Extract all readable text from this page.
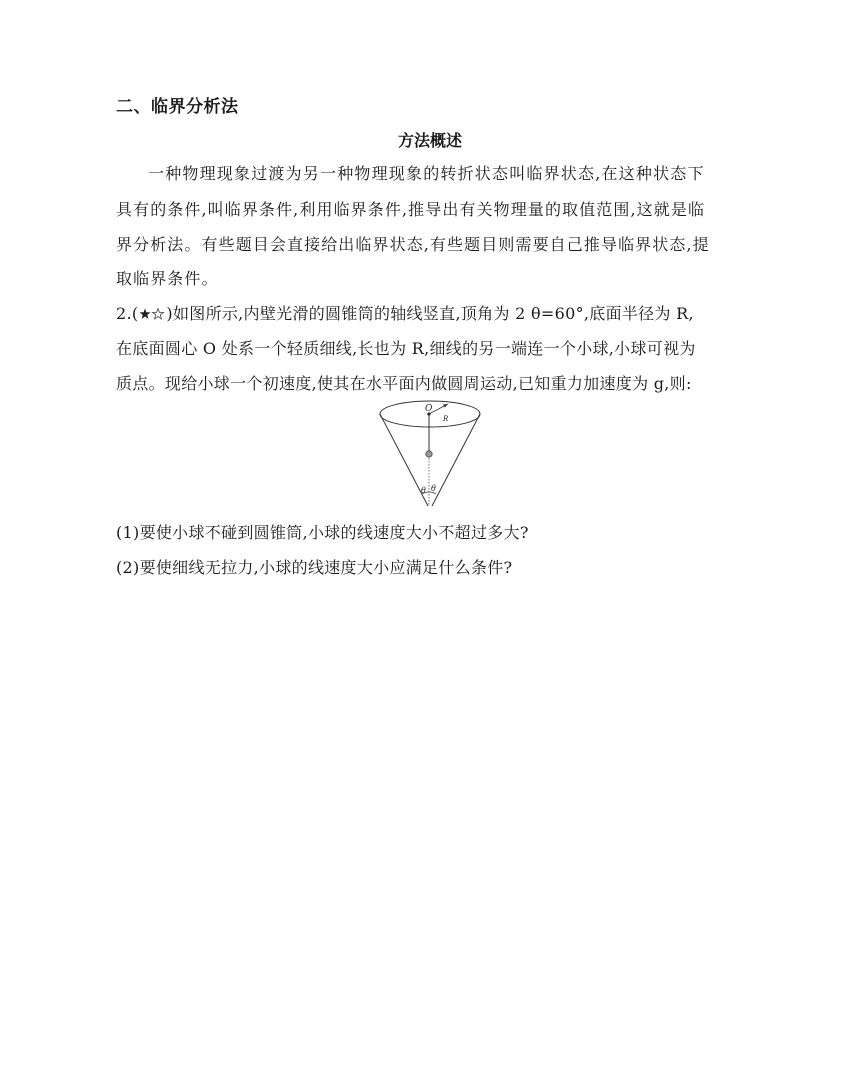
二、临界分析法
方法概述
一种物理现象过渡为另一种物理现象的转折状态叫临界状态,在这种状态下
具有的条件,叫临界条件,利用临界条件,推导出有关物理量的取值范围,这就是临
界分析法。有些题目会直接给出临界状态,有些题目则需要自己推导临界状态,提
取临界条件。
2.( )如图所示,内壁光滑的圆锥筒的轴线竖直,顶角为 2 θ=60°,底面半径为 R,
在底面圆心 O 处系一个轻质细线,长也为 R,细线的另一端连一个小球,小球可视为
质点。现给小球一个初速度,使其在水平面内做圆周运动,已知重力加速度为 g,则:
O
R
θ θ
(1)要使小球不碰到圆锥筒,小球的线速度大小不超过多大?
(2)要使细线无拉力,小球的线速度大小应满足什么条件?
